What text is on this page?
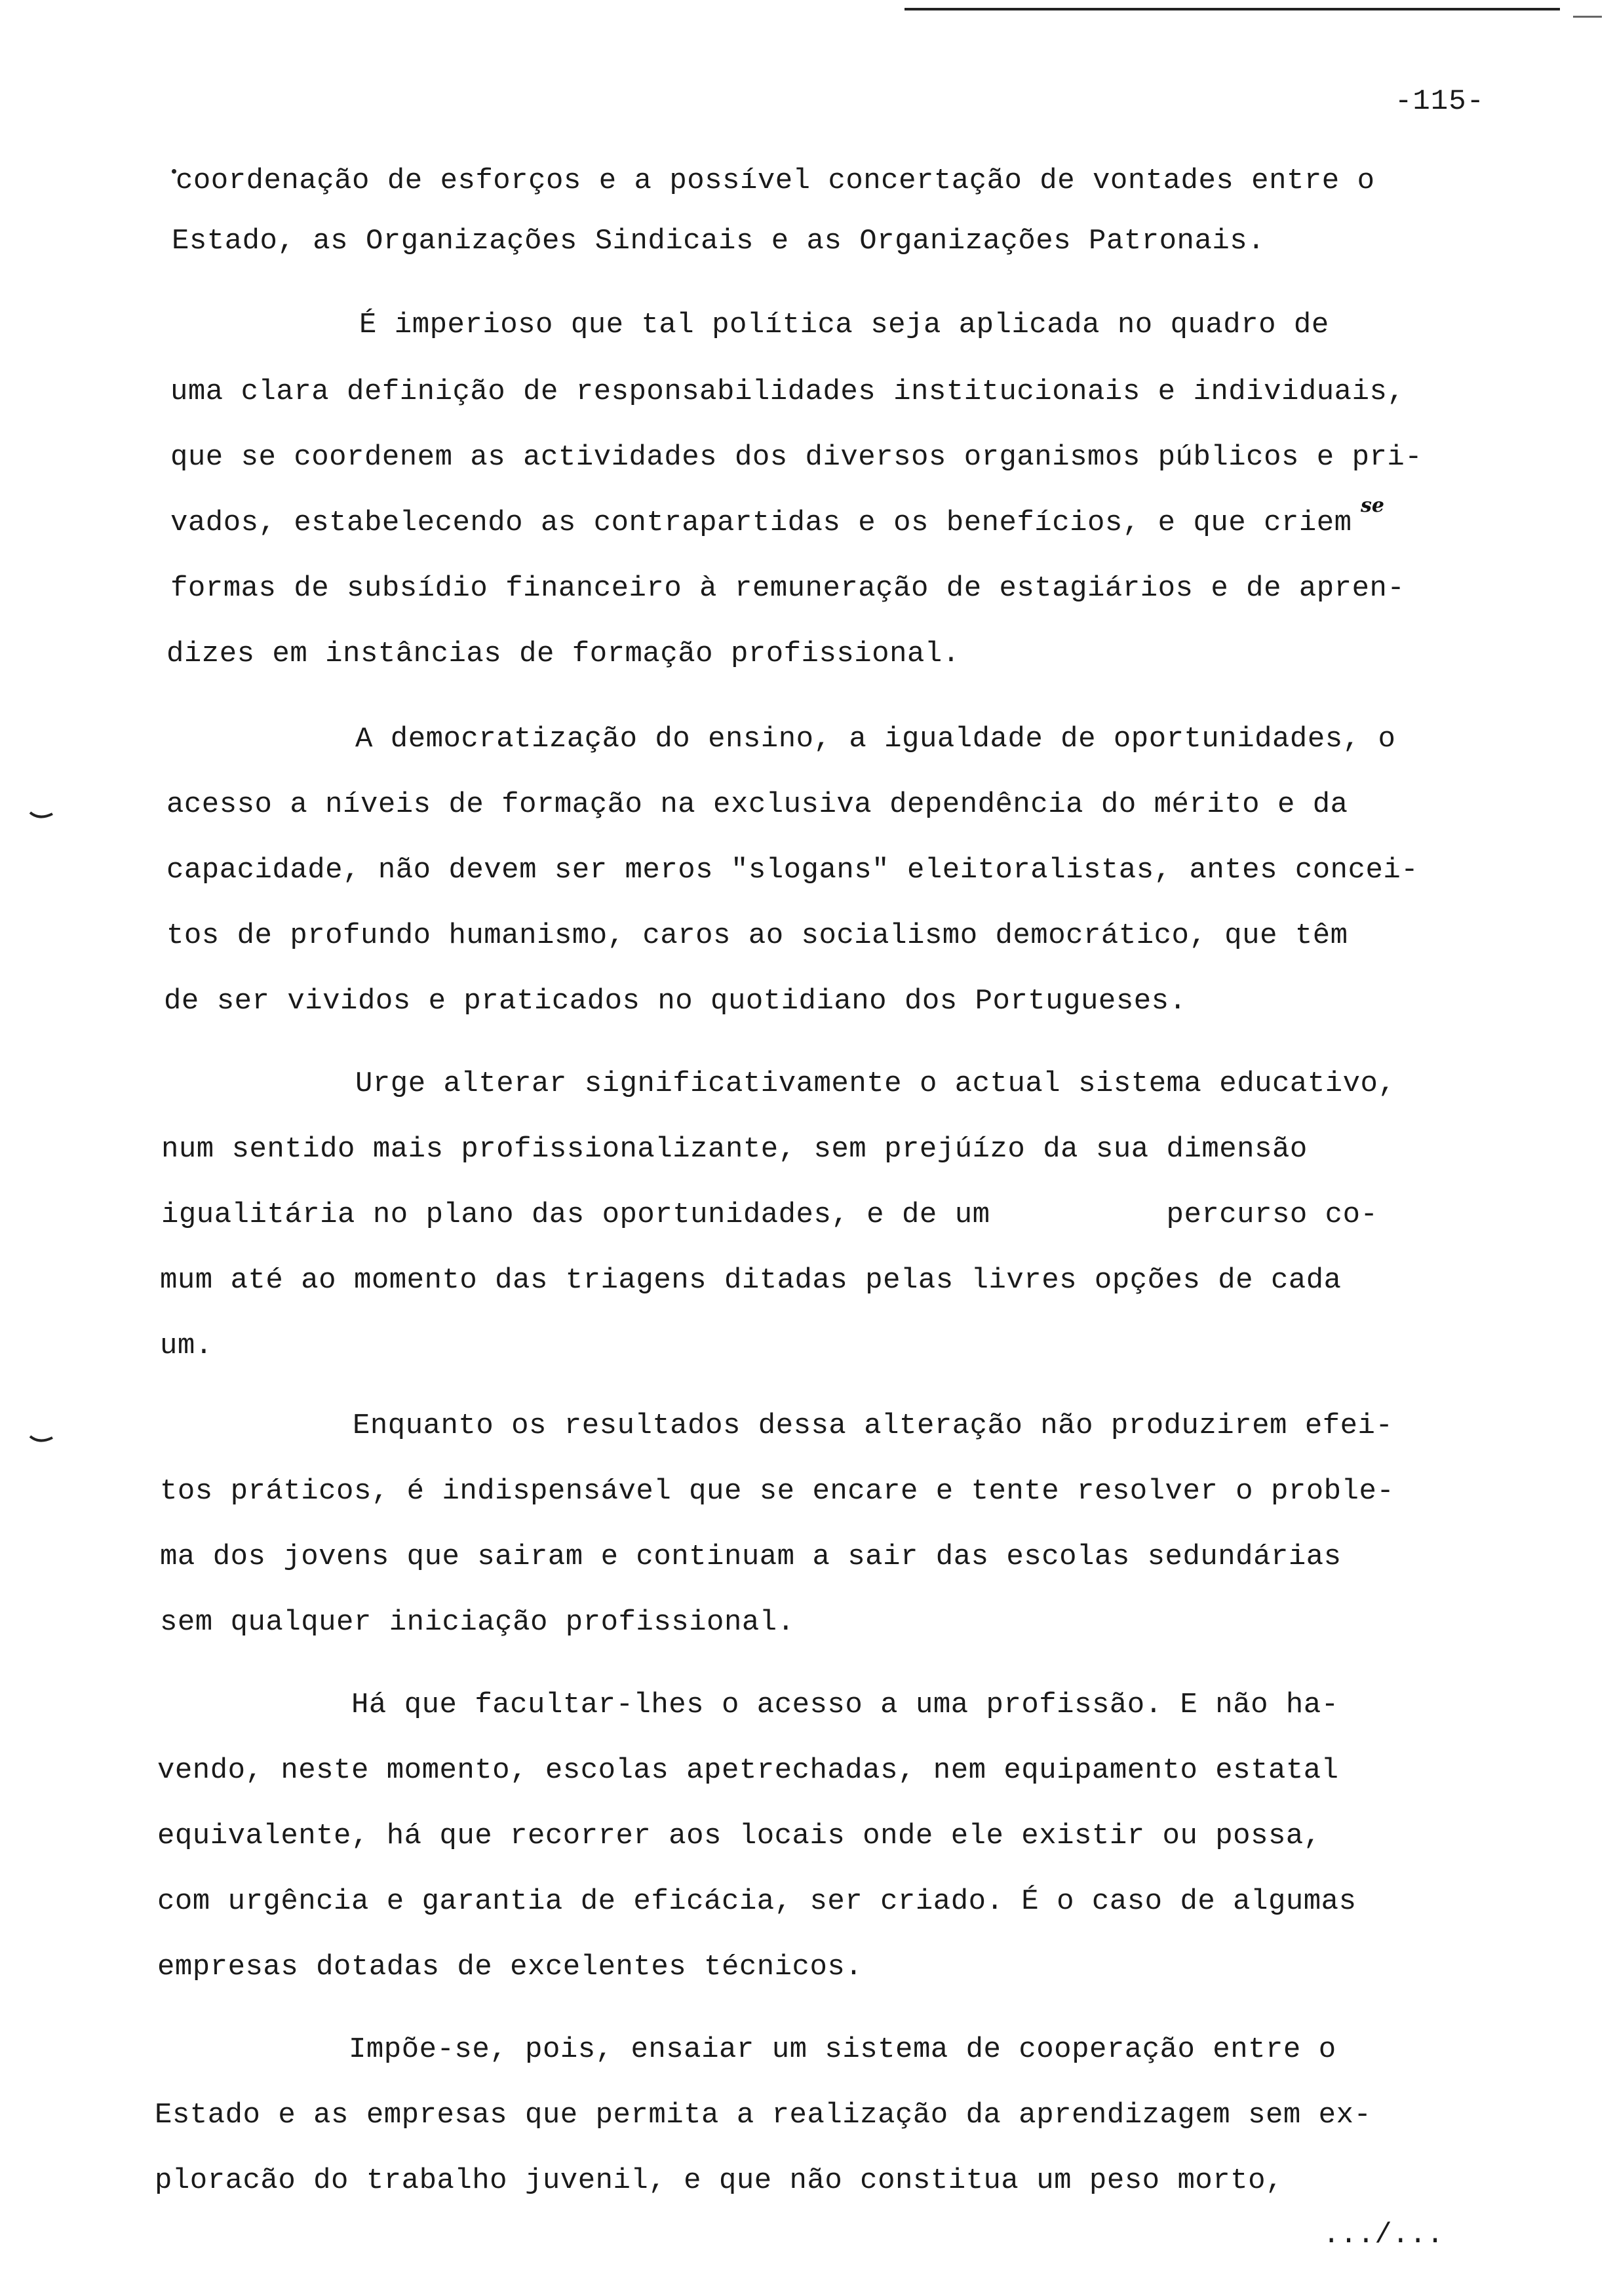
-115-
se
coordenação de esforços e a possível concertação de vontades entre o
Estado, as Organizações Sindicais e as Organizações Patronais.
É imperioso que tal política seja aplicada no quadro de
uma clara definição de responsabilidades institucionais e individuais,
que se coordenem as actividades dos diversos organismos públicos e pri-
vados, estabelecendo as contrapartidas e os benefícios, e que criem
formas de subsídio financeiro à remuneração de estagiários e de apren-
dizes em instâncias de formação profissional.
A democratização do ensino, a igualdade de oportunidades, o
acesso a níveis de formação na exclusiva dependência do mérito e da
capacidade, não devem ser meros "slogans" eleitoralistas, antes concei-
tos de profundo humanismo, caros ao socialismo democrático, que têm
de ser vividos e praticados no quotidiano dos Portugueses.
Urge alterar significativamente o actual sistema educativo,
num sentido mais profissionalizante, sem prejúízo da sua dimensão
igualitária no plano das oportunidades, e de um          percurso co-
mum até ao momento das triagens ditadas pelas livres opções de cada
um.
Enquanto os resultados dessa alteração não produzirem efei-
tos práticos, é indispensável que se encare e tente resolver o proble-
ma dos jovens que sairam e continuam a sair das escolas sedundárias
sem qualquer iniciação profissional.
Há que facultar-lhes o acesso a uma profissão. E não ha-
vendo, neste momento, escolas apetrechadas, nem equipamento estatal
equivalente, há que recorrer aos locais onde ele existir ou possa,
com urgência e garantia de eficácia, ser criado. É o caso de algumas
empresas dotadas de excelentes técnicos.
Impõe-se, pois, ensaiar um sistema de cooperação entre o
Estado e as empresas que permita a realização da aprendizagem sem ex-
ploracão do trabalho juvenil, e que não constitua um peso morto,
.../...
